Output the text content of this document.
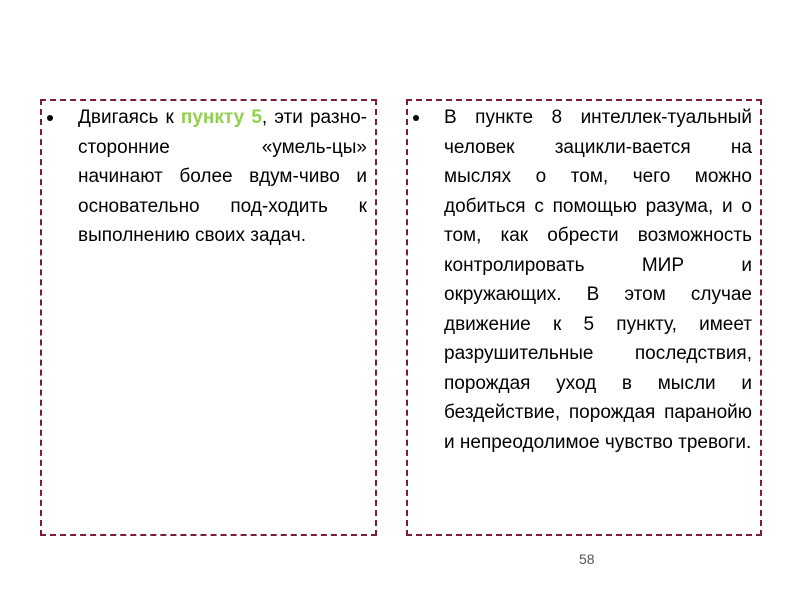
Двигаясь к пункту 5, эти разно-сторонние «умель-цы» начинают более вдум-чиво и основательно под-ходить к выполнению своих задач.

В пункте 8 интеллек-туальный человек зацикли-вается на мыслях о том, чего можно добиться с помощью разума, и о том, как обрести возможность контролировать МИР и окружающих. В этом случае движение к 5 пункту, имеет разрушительные последствия, порождая уход в мысли и бездействие, порождая паранойю и непреодолимое чувство тревоги.

58
